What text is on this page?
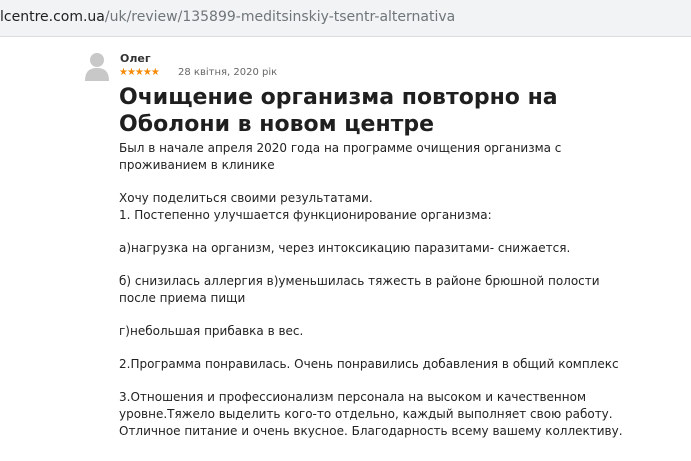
lcentre.com.ua/uk/review/135899-meditsinskiy-tsentr-alternativa
Олег
★★★★★ 28 квітня, 2020 рік
Очищение организма повторно на Оболони в новом центре

Был в начале апреля 2020 года на программе очищения организма с проживанием в клинике

Хочу поделиться своими результатами.

1. Постепенно улучшается функционирование организма:

а)нагрузка на организм, через интоксикацию паразитами- снижается.

б) снизилась аллергия в)уменьшилась тяжесть в районе брюшной полости после приема пищи

г)небольшая прибавка в вес.

2.Программа понравилась. Очень понравились добавления в общий комплекс

3.Отношения и профессионализм персонала на высоком и качественном уровне.Тяжело выделить кого-то отдельно, каждый выполняет свою работу. Отличное питание и очень вкусное. Благодарность всему вашему коллективу.
